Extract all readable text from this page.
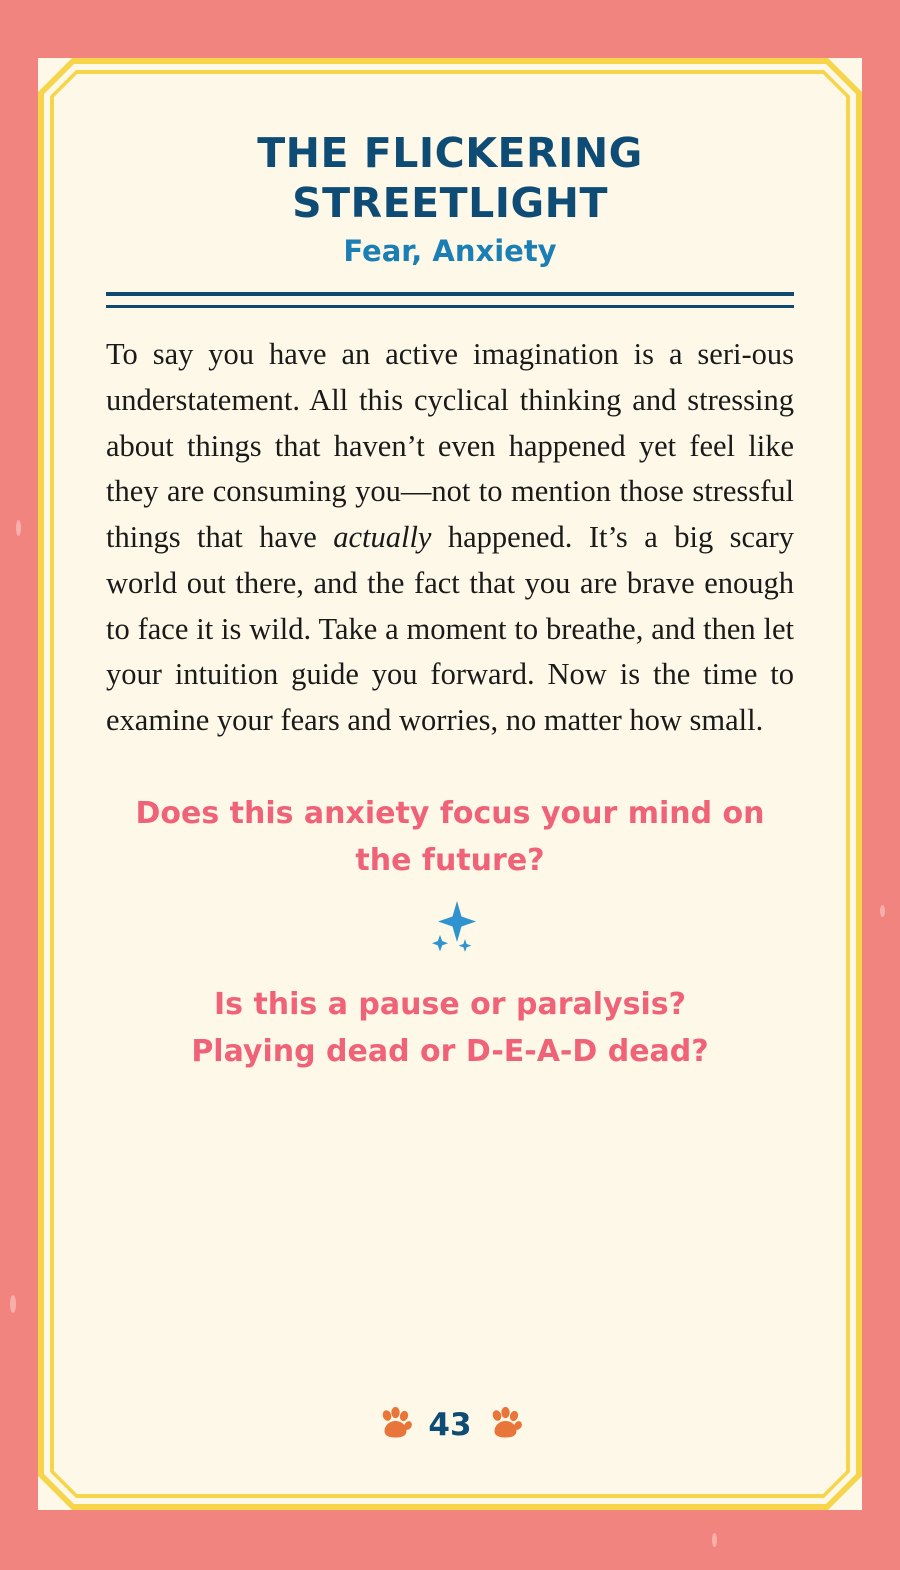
THE FLICKERING STREETLIGHT
Fear, Anxiety

To say you have an active imagination is a seri-ous understatement. All this cyclical thinking and stressing about things that haven’t even happened yet feel like they are consuming you—not to mention those stressful things that have actually happened. It’s a big scary world out there, and the fact that you are brave enough to face it is wild. Take a moment to breathe, and then let your intuition guide you forward. Now is the time to examine your fears and worries, no matter how small.

Does this anxiety focus your mind on the future?

Is this a pause or paralysis?

Playing dead or D-E-A-D dead?

43
